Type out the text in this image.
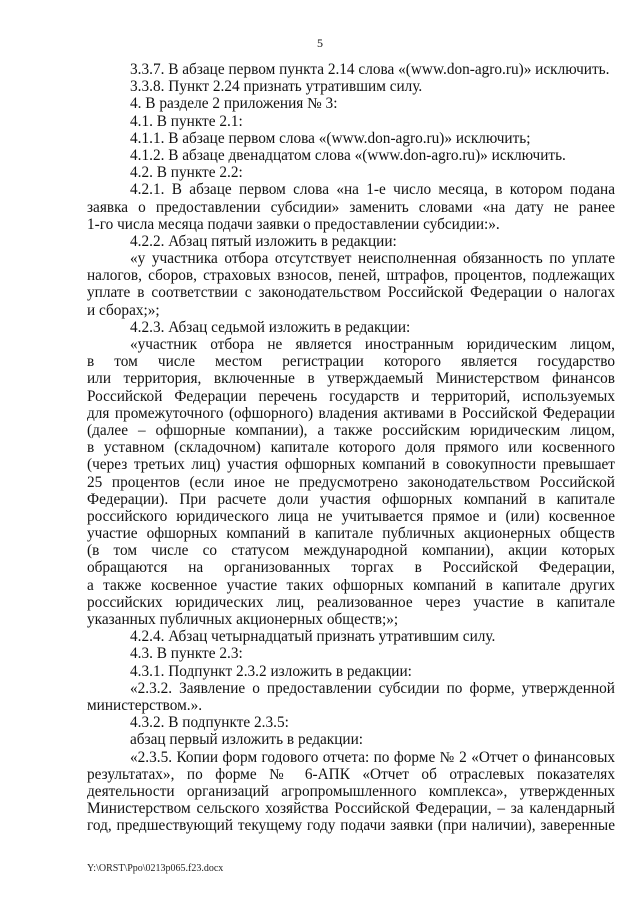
5
3.3.7. В абзаце первом пункта 2.14 слова «(www.don-agro.ru)» исключить.
3.3.8. Пункт 2.24 признать утратившим силу.
4. В разделе 2 приложения № 3:
4.1. В пункте 2.1:
4.1.1. В абзаце первом слова «(www.don-agro.ru)» исключить;
4.1.2. В абзаце двенадцатом слова «(www.don-agro.ru)» исключить.
4.2. В пункте 2.2:
4.2.1. В абзаце первом слова «на 1-е число месяца, в котором подана
заявка о предоставлении субсидии» заменить словами «на дату не ранее
1-го числа месяца подачи заявки о предоставлении субсидии:».
4.2.2. Абзац пятый изложить в редакции:
«у участника отбора отсутствует неисполненная обязанность по уплате
налогов, сборов, страховых взносов, пеней, штрафов, процентов, подлежащих
уплате в соответствии с законодательством Российской Федерации о налогах
и сборах;»;
4.2.3. Абзац седьмой изложить в редакции:
«участник отбора не является иностранным юридическим лицом,
в том числе местом регистрации которого является государство
или территория, включенные в утверждаемый Министерством финансов
Российской Федерации перечень государств и территорий, используемых
для промежуточного (офшорного) владения активами в Российской Федерации
(далее – офшорные компании), а также российским юридическим лицом,
в уставном (складочном) капитале которого доля прямого или косвенного
(через третьих лиц) участия офшорных компаний в совокупности превышает
25 процентов (если иное не предусмотрено законодательством Российской
Федерации). При расчете доли участия офшорных компаний в капитале
российского юридического лица не учитывается прямое и (или) косвенное
участие офшорных компаний в капитале публичных акционерных обществ
(в том числе со статусом международной компании), акции которых
обращаются на организованных торгах в Российской Федерации,
а также косвенное участие таких офшорных компаний в капитале других
российских юридических лиц, реализованное через участие в капитале
указанных публичных акционерных обществ;»;
4.2.4. Абзац четырнадцатый признать утратившим силу.
4.3. В пункте 2.3:
4.3.1. Подпункт 2.3.2 изложить в редакции:
«2.3.2. Заявление о предоставлении субсидии по форме, утвержденной
министерством.».
4.3.2. В подпункте 2.3.5:
абзац первый изложить в редакции:
«2.3.5. Копии форм годового отчета: по форме № 2 «Отчет о финансовых
результатах», по форме № 6-АПК «Отчет об отраслевых показателях
деятельности организаций агропромышленного комплекса», утвержденных
Министерством сельского хозяйства Российской Федерации, – за календарный
год, предшествующий текущему году подачи заявки (при наличии), заверенные
Y:\ORST\Ppo\0213p065.f23.docx
